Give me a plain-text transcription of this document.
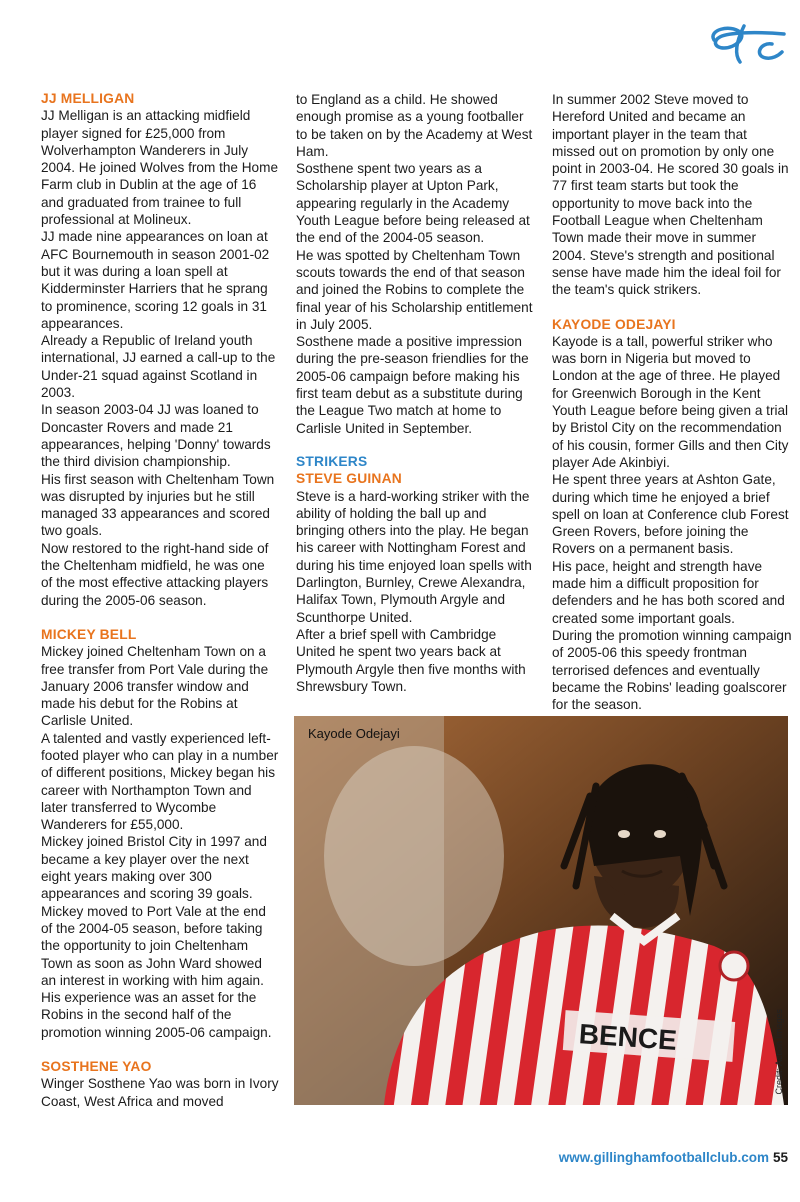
JJ MELLIGAN

JJ Melligan is an attacking midfield player signed for £25,000 from Wolverhampton Wanderers in July 2004. He joined Wolves from the Home Farm club in Dublin at the age of 16 and graduated from trainee to full professional at Molineux.

JJ made nine appearances on loan at AFC Bournemouth in season 2001-02 but it was during a loan spell at Kidderminster Harriers that he sprang to prominence, scoring 12 goals in 31 appearances.

Already a Republic of Ireland youth international, JJ earned a call-up to the Under-21 squad against Scotland in 2003.

In season 2003-04 JJ was loaned to Doncaster Rovers and made 21 appearances, helping 'Donny' towards the third division championship.

His first season with Cheltenham Town was disrupted by injuries but he still managed 33 appearances and scored two goals.

Now restored to the right-hand side of the Cheltenham midfield, he was one of the most effective attacking players during the 2005-06 season.

MICKEY BELL

Mickey joined Cheltenham Town on a free transfer from Port Vale during the January 2006 transfer window and made his debut for the Robins at Carlisle United.

A talented and vastly experienced left-footed player who can play in a number of different positions, Mickey began his career with Northampton Town and later transferred to Wycombe Wanderers for £55,000.

Mickey joined Bristol City in 1997 and became a key player over the next eight years making over 300 appearances and scoring 39 goals.

Mickey moved to Port Vale at the end of the 2004-05 season, before taking the opportunity to join Cheltenham Town as soon as John Ward showed an interest in working with him again.

His experience was an asset for the Robins in the second half of the promotion winning 2005-06 campaign.

SOSTHENE YAO

Winger Sosthene Yao was born in Ivory Coast, West Africa and moved

to England as a child. He showed enough promise as a young footballer to be taken on by the Academy at West Ham.

Sosthene spent two years as a Scholarship player at Upton Park, appearing regularly in the Academy Youth League before being released at the end of the 2004-05 season.

He was spotted by Cheltenham Town scouts towards the end of that season and joined the Robins to complete the final year of his Scholarship entitlement in July 2005.

Sosthene made a positive impression during the pre-season friendlies for the 2005-06 campaign before making his first team debut as a substitute during the League Two match at home to Carlisle United in September.

STRIKERS

STEVE GUINAN

Steve is a hard-working striker with the ability of holding the ball up and bringing others into the play. He began his career with Nottingham Forest and during his time enjoyed loan spells with Darlington, Burnley, Crewe Alexandra, Halifax Town, Plymouth Argyle and Scunthorpe United.

After a brief spell with Cambridge United he spent two years back at Plymouth Argyle then five months with Shrewsbury Town.

In summer 2002 Steve moved to Hereford United and became an important player in the team that missed out on promotion by only one point in 2003-04. He scored 30 goals in 77 first team starts but took the opportunity to move back into the Football League when Cheltenham Town made their move in summer 2004. Steve's strength and positional sense have made him the ideal foil for the team's quick strikers.

KAYODE ODEJAYI

Kayode is a tall, powerful striker who was born in Nigeria but moved to London at the age of three. He played for Greenwich Borough in the Kent Youth League before being given a trial by Bristol City on the recommendation of his cousin, former Gills and then City player Ade Akinbiyi.

He spent three years at Ashton Gate, during which time he enjoyed a brief spell on loan at Conference club Forest Green Rovers, before joining the Rovers on a permanent basis.

His pace, height and strength have made him a difficult proposition for defenders and he has both scored and created some important goals.

During the promotion winning campaign of 2005-06 this speedy frontman terrorised defences and eventually became the Robins' leading goalscorer for the season.

BENCE
Kayode Odejayi
Credit: Action Images
www.gillinghamfootballclub.com 55
